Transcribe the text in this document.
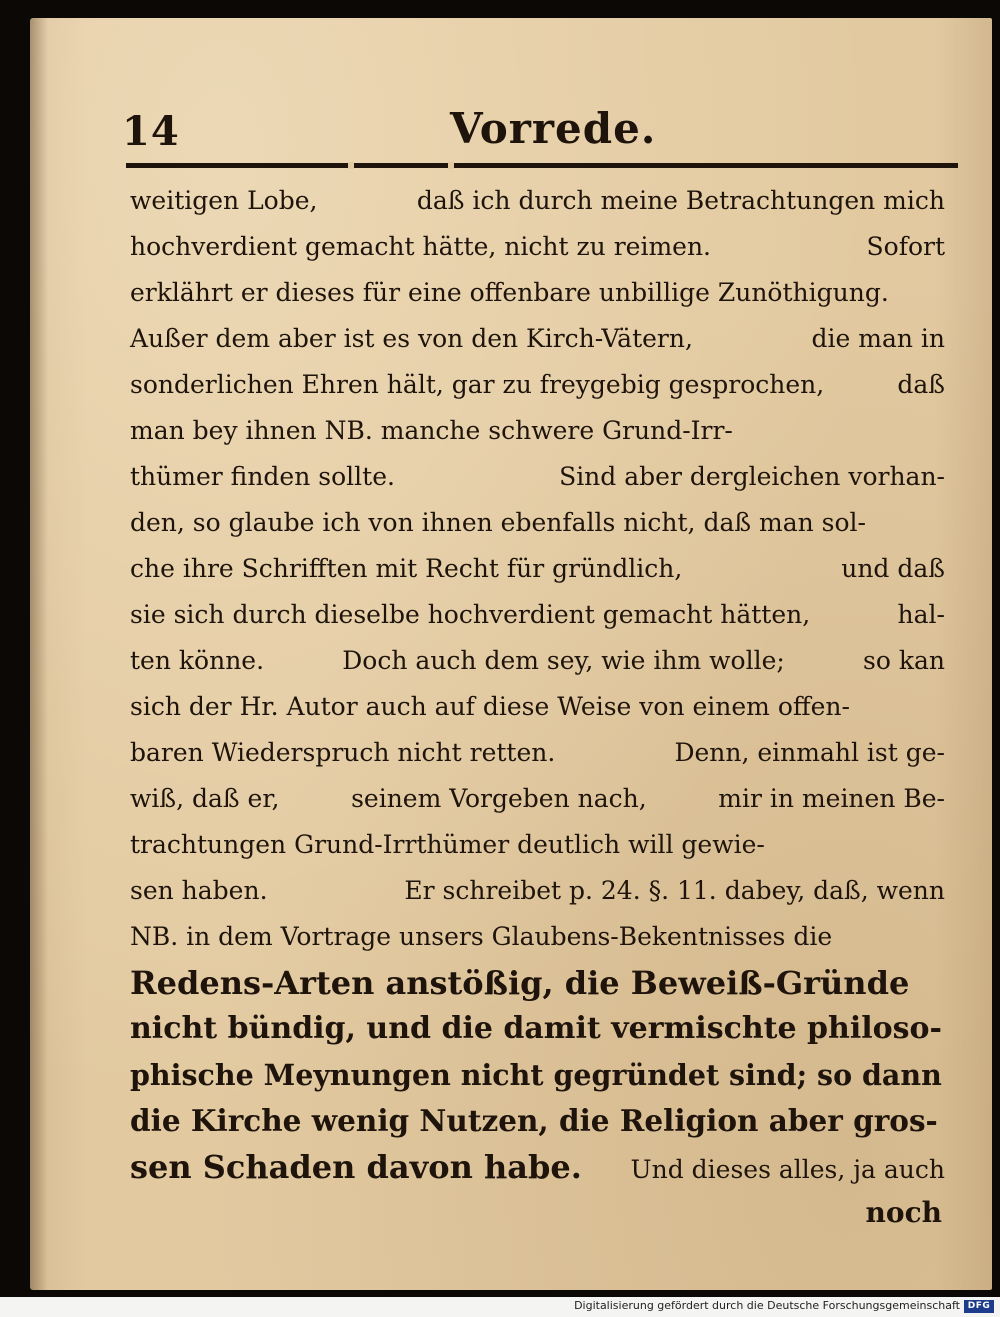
14	Vorrede.
weitigen Lobe,	daß ich durch meine Betrachtungen mich
hochverdient gemacht hätte, nicht zu reimen.	Sofort
erklährt er dieses für eine offenbare unbillige Zunöthigung.
Außer dem aber ist es von den Kirch-Vätern,	die man in
sonderlichen Ehren hält, gar zu freygebig gesprochen,	daß
man bey ihnen NB. manche schwere Grund-Irr-
thümer finden sollte.	Sind aber dergleichen vorhan-
den, so glaube ich von ihnen ebenfalls nicht, daß man sol-
che ihre Schrifften mit Recht für gründlich,	und daß
sie sich durch dieselbe hochverdient gemacht hätten,	hal-
ten könne.	Doch auch dem sey, wie ihm wolle;	so kan
sich der Hr. Autor auch auf diese Weise von einem offen-
baren Wiederspruch nicht retten.	Denn, einmahl ist ge-
wiß, daß er,	seinem Vorgeben nach,	mir in meinen Be-
trachtungen Grund-Irrthümer deutlich will gewie-
sen haben.	Er schreibet p. 24. §. 11. dabey, daß, wenn
NB. in dem Vortrage unsers Glaubens-Bekentnisses die
Redens-Arten anstößig, die Beweiß-Gründe
nicht bündig, und die damit vermischte philoso-
phische Meynungen nicht gegründet sind; so dann
die Kirche wenig Nutzen, die Religion aber gros-
sen Schaden davon habe. Und dieses alles, ja auch
noch
Digitalisierung gefördert durch die Deutsche Forschungsgemeinschaft DFG
